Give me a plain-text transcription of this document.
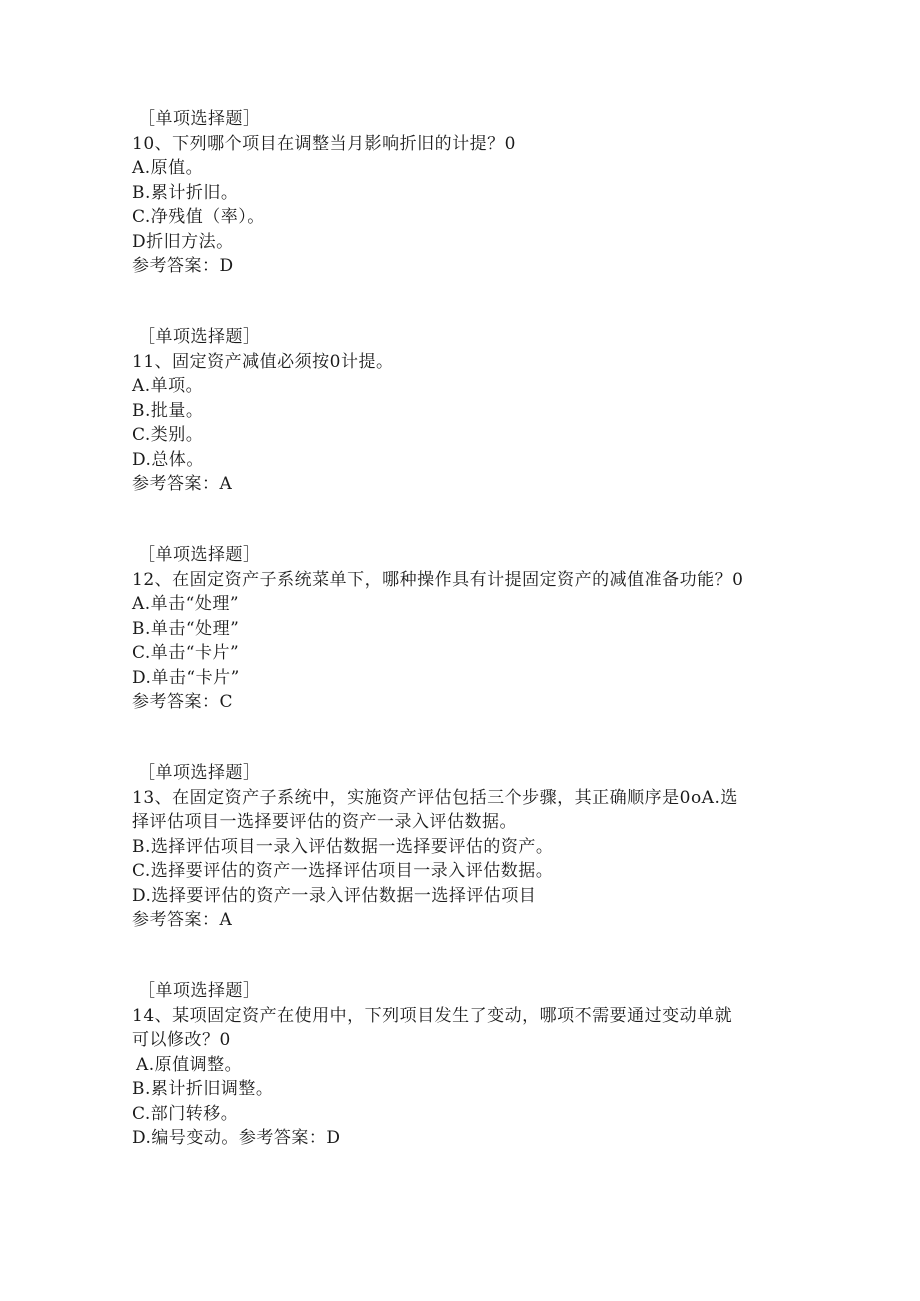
［单项选择题］
10、下列哪个项目在调整当月影响折旧的计提？0
A.原值。
B.累计折旧。
C.净残值（率）。
D折旧方法。
参考答案：D
［单项选择题］
11、固定资产减值必须按0计提。
A.单项。
B.批量。
C.类别。
D.总体。
参考答案：A
［单项选择题］
12、在固定资产子系统菜单下，哪种操作具有计提固定资产的减值准备功能？0
A.单击“处理”
B.单击“处理”
C.单击“卡片”
D.单击“卡片”
参考答案：C
［单项选择题］
13、在固定资产子系统中，实施资产评估包括三个步骤，其正确顺序是0oA.选
择评估项目一选择要评估的资产一录入评估数据。
B.选择评估项目一录入评估数据一选择要评估的资产。
C.选择要评估的资产一选择评估项目一录入评估数据。
D.选择要评估的资产一录入评估数据一选择评估项目
参考答案：A
［单项选择题］
14、某项固定资产在使用中，下列项目发生了变动，哪项不需要通过变动单就
可以修改？0
A.原值调整。
B.累计折旧调整。
C.部门转移。
D.编号变动。参考答案：D
